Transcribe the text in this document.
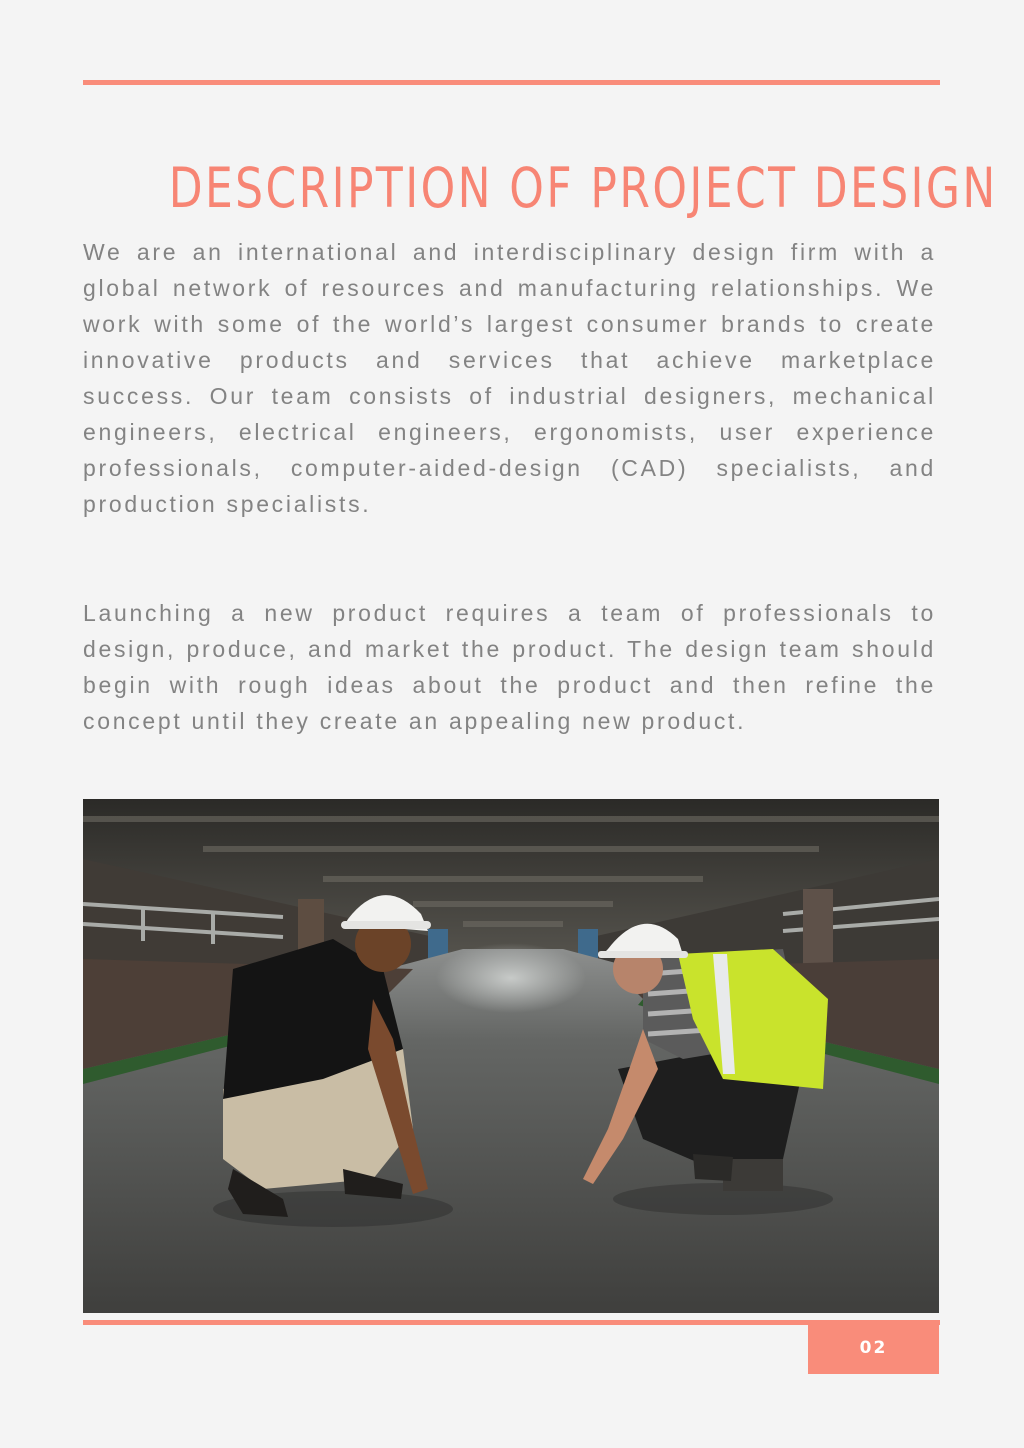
DESCRIPTION OF PROJECT DESIGN

We are an international and interdisciplinary design firm with a global network of resources and manufacturing relationships. We work with some of the world’s largest consumer brands to create innovative products and services that achieve marketplace success. Our team consists of industrial designers, mechanical engineers, electrical engineers, ergonomists, user experience professionals, computer-aided-design (CAD) specialists, and production specialists.

Launching a new product requires a team of professionals to design, produce, and market the product. The design team should begin with rough ideas about the product and then refine the concept until they create an appealing new product.

02
